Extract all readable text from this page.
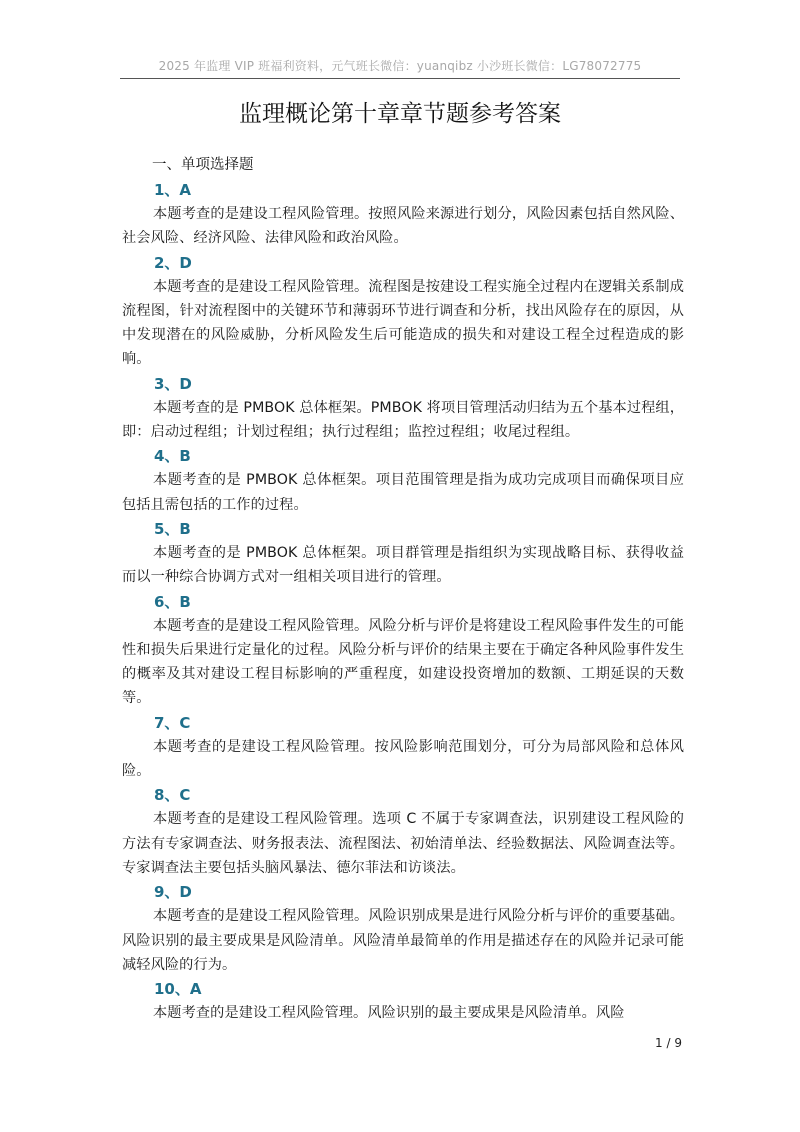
2025 年监理 VIP 班福利资料，元气班长微信：yuanqibz 小沙班长微信：LG78072775
监理概论第十章章节题参考答案
一、单项选择题
1、A
本题考查的是建设工程风险管理。按照风险来源进行划分，风险因素包括自然风险、社会风险、经济风险、法律风险和政治风险。
2、D
本题考查的是建设工程风险管理。流程图是按建设工程实施全过程内在逻辑关系制成流程图，针对流程图中的关键环节和薄弱环节进行调查和分析，找出风险存在的原因，从中发现潜在的风险威胁，分析风险发生后可能造成的损失和对建设工程全过程造成的影响。
3、D
本题考查的是 PMBOK 总体框架。PMBOK 将项目管理活动归结为五个基本过程组，即：启动过程组；计划过程组；执行过程组；监控过程组；收尾过程组。
4、B
本题考查的是 PMBOK 总体框架。项目范围管理是指为成功完成项目而确保项目应包括且需包括的工作的过程。
5、B
本题考查的是 PMBOK 总体框架。项目群管理是指组织为实现战略目标、获得收益而以一种综合协调方式对一组相关项目进行的管理。
6、B
本题考查的是建设工程风险管理。风险分析与评价是将建设工程风险事件发生的可能性和损失后果进行定量化的过程。风险分析与评价的结果主要在于确定各种风险事件发生的概率及其对建设工程目标影响的严重程度，如建设投资增加的数额、工期延误的天数等。
7、C
本题考查的是建设工程风险管理。按风险影响范围划分，可分为局部风险和总体风险。
8、C
本题考查的是建设工程风险管理。选项 C 不属于专家调查法，识别建设工程风险的方法有专家调查法、财务报表法、流程图法、初始清单法、经验数据法、风险调查法等。专家调查法主要包括头脑风暴法、德尔菲法和访谈法。
9、D
本题考查的是建设工程风险管理。风险识别成果是进行风险分析与评价的重要基础。风险识别的最主要成果是风险清单。风险清单最简单的作用是描述存在的风险并记录可能减轻风险的行为。
10、A
本题考查的是建设工程风险管理。风险识别的最主要成果是风险清单。风险
1 / 9
